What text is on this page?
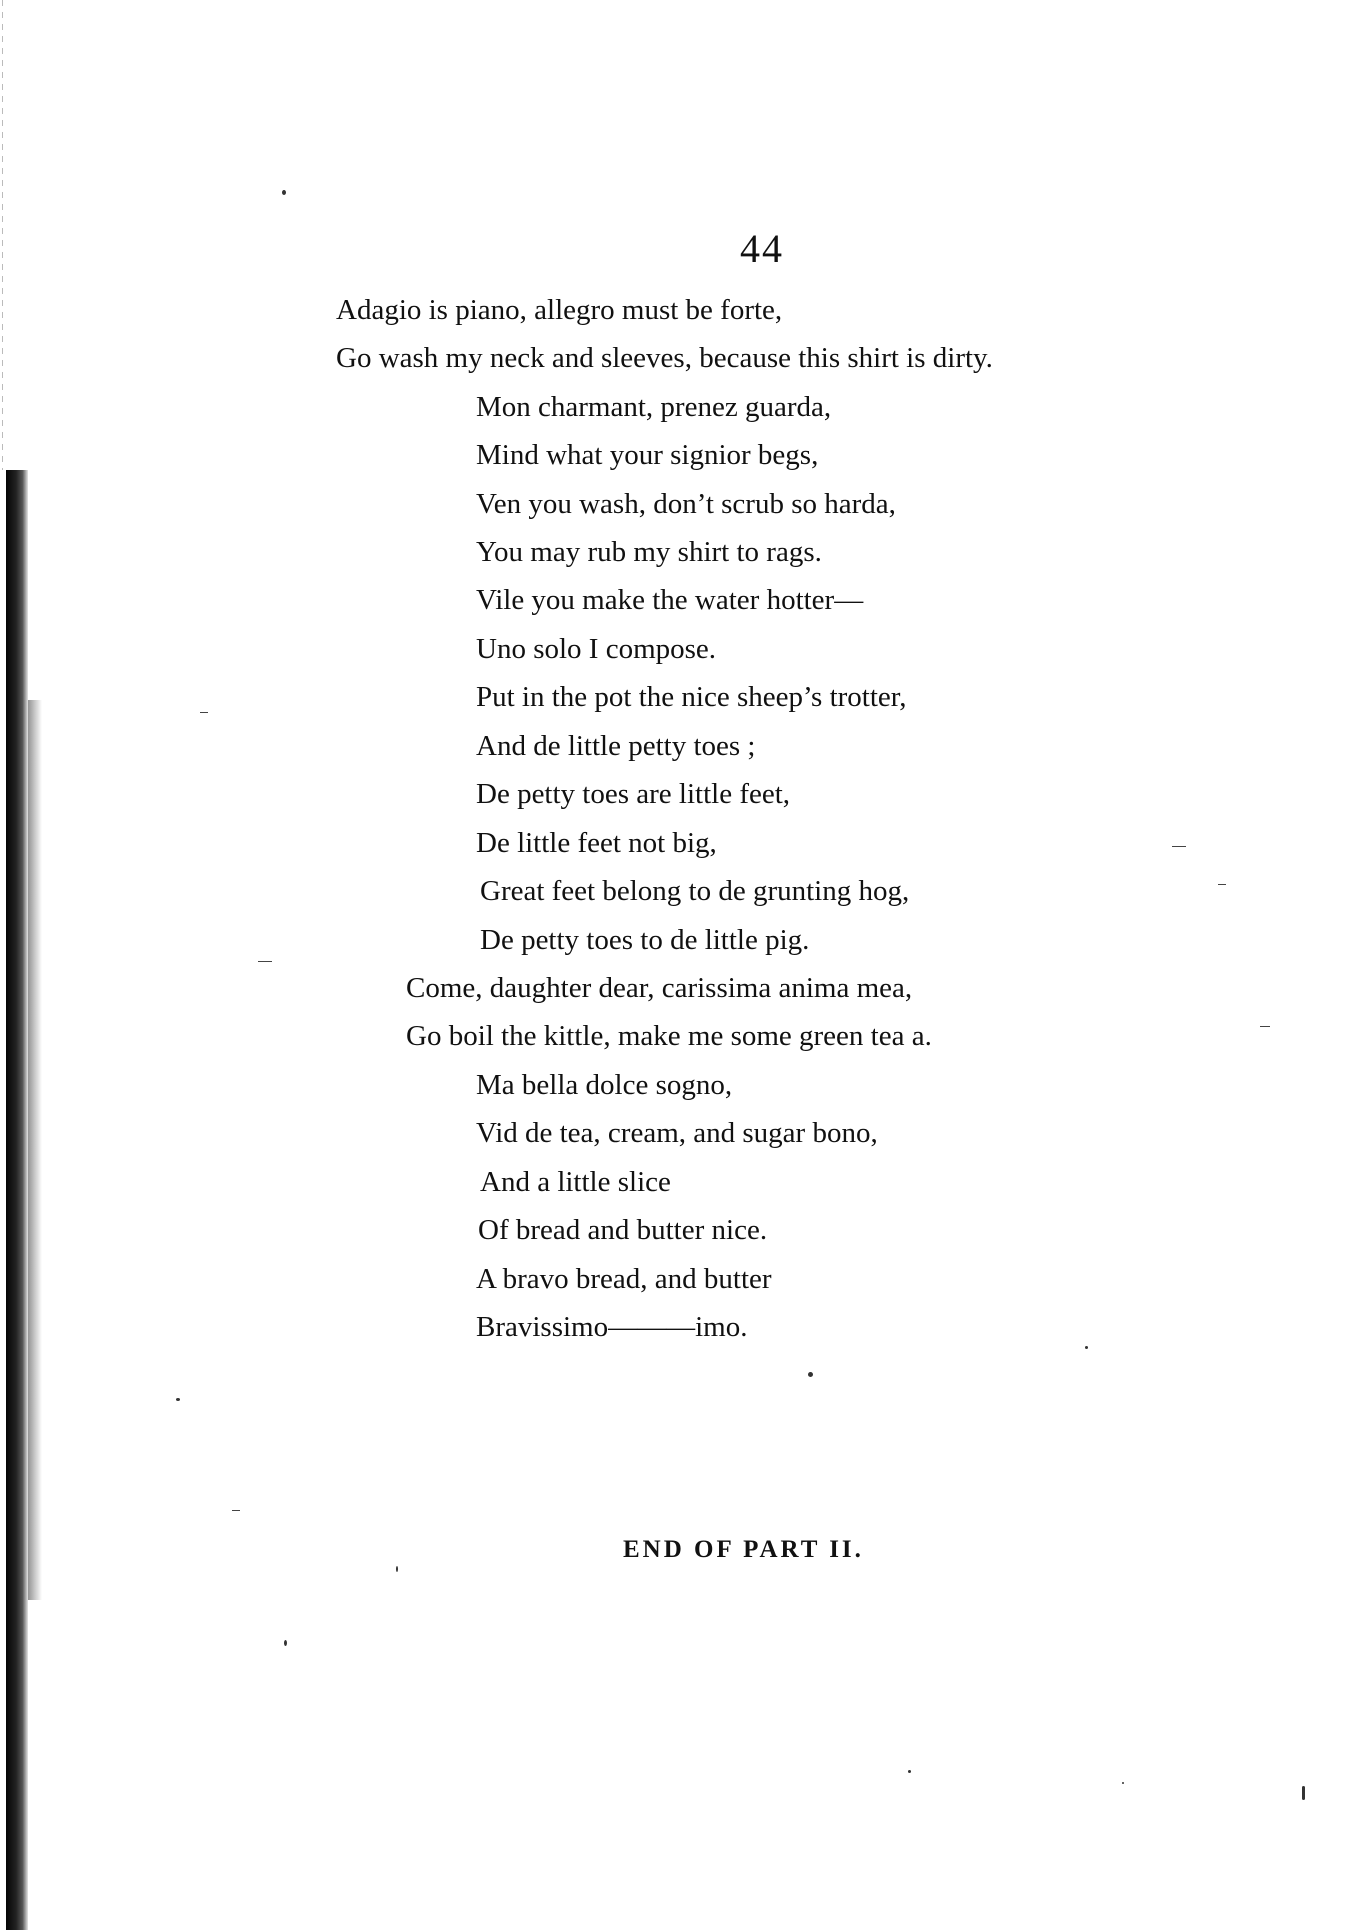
44
Adagio is piano, allegro must be forte,
Go wash my neck and sleeves, because this shirt is dirty.
Mon charmant, prenez guarda,
Mind what your signior begs,
Ven you wash, don’t scrub so harda,
You may rub my shirt to rags.
Vile you make the water hotter—
Uno solo I compose.
Put in the pot the nice sheep’s trotter,
And de little petty toes ;
De petty toes are little feet,
De little feet not big,
Great feet belong to de grunting hog,
De petty toes to de little pig.
Come, daughter dear, carissima anima mea,
Go boil the kittle, make me some green tea a.
Ma bella dolce sogno,
Vid de tea, cream, and sugar bono,
And a little slice
Of bread and butter nice.
A bravo bread, and butter
Bravissimo———imo.
END OF PART II.
